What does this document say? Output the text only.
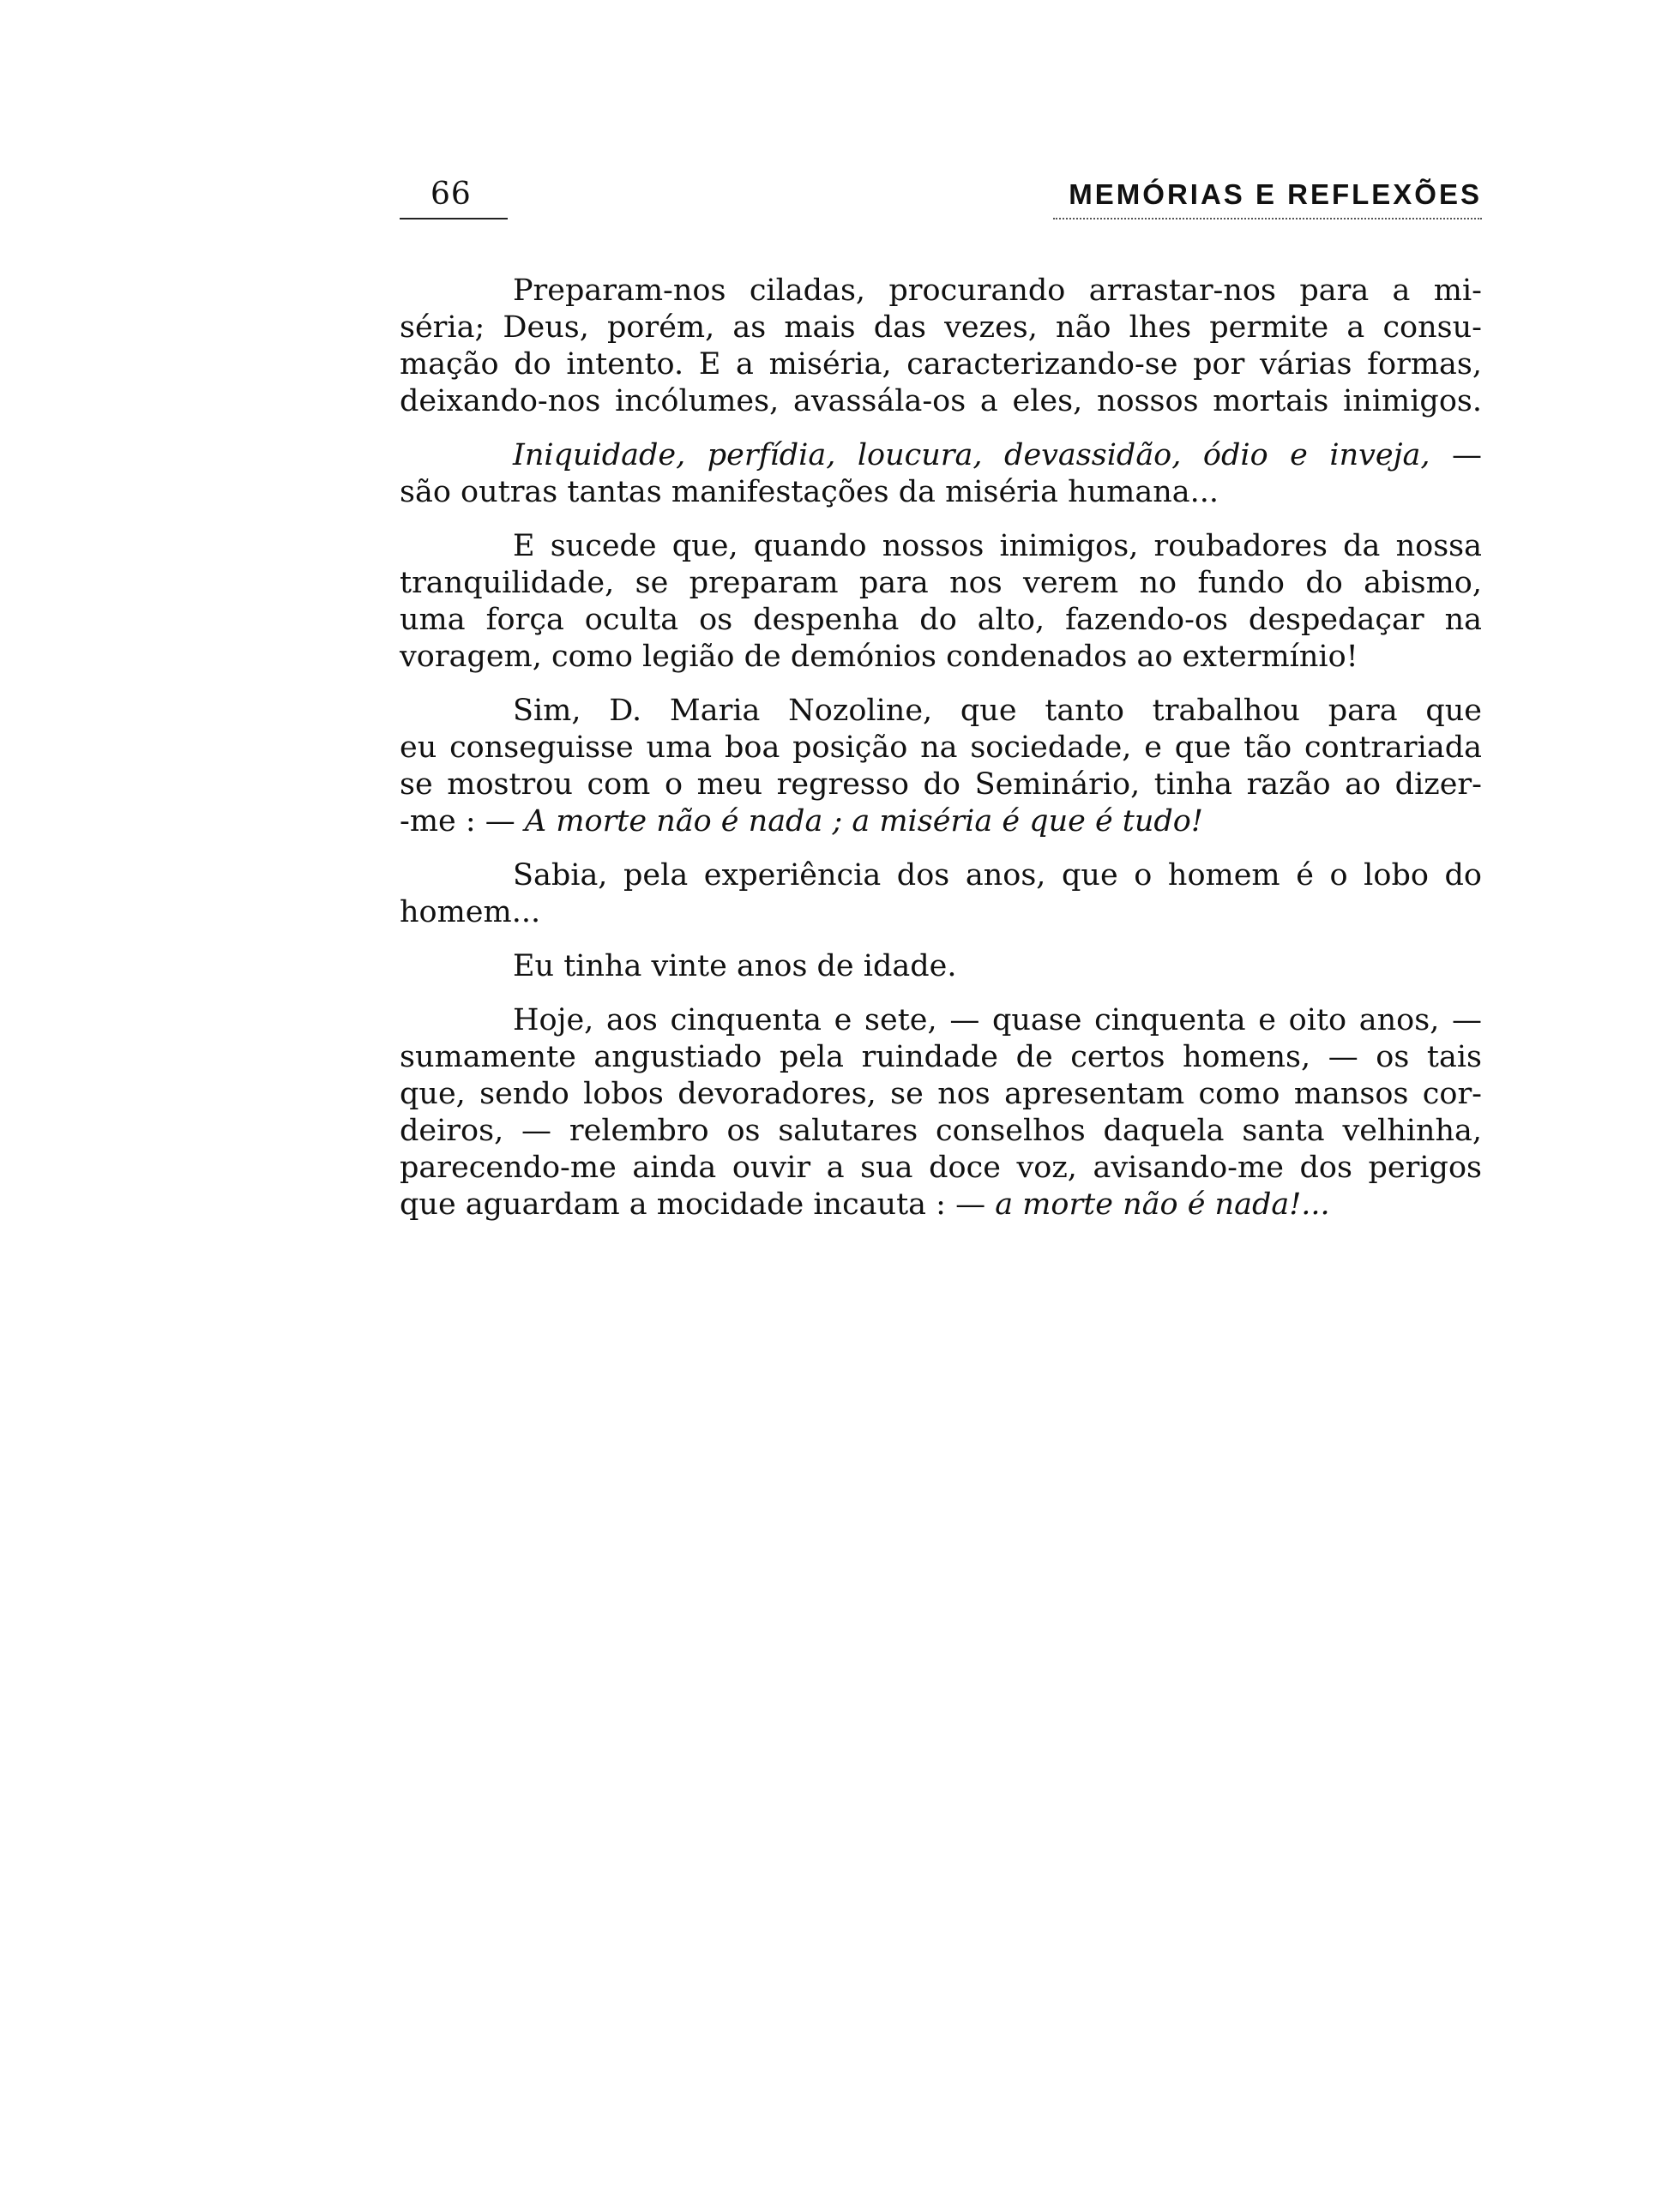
66	MEMÓRIAS E REFLEXÕES
Preparam-nos ciladas, procurando arrastar-nos para a mi-
séria; Deus, porém, as mais das vezes, não lhes permite a consu-
mação do intento. E a miséria, caracterizando-se por várias formas,
deixando-nos incólumes, avassála-os a eles, nossos mortais inimigos.
Iniquidade, perfídia, loucura, devassidão, ódio e inveja, —
são outras tantas manifestações da miséria humana...
E sucede que, quando nossos inimigos, roubadores da nossa
tranquilidade, se preparam para nos verem no fundo do abismo,
uma força oculta os despenha do alto, fazendo-os despedaçar na
voragem, como legião de demónios condenados ao extermínio!
Sim, D. Maria Nozoline, que tanto trabalhou para que
eu conseguisse uma boa posição na sociedade, e que tão contrariada
se mostrou com o meu regresso do Seminário, tinha razão ao dizer-
-me : — A morte não é nada ; a miséria é que é tudo!
Sabia, pela experiência dos anos, que o homem é o lobo do
homem...
Eu tinha vinte anos de idade.
Hoje, aos cinquenta e sete, — quase cinquenta e oito anos, —
sumamente angustiado pela ruindade de certos homens, — os tais
que, sendo lobos devoradores, se nos apresentam como mansos cor-
deiros, — relembro os salutares conselhos daquela santa velhinha,
parecendo-me ainda ouvir a sua doce voz, avisando-me dos perigos
que aguardam a mocidade incauta : — a morte não é nada!...
